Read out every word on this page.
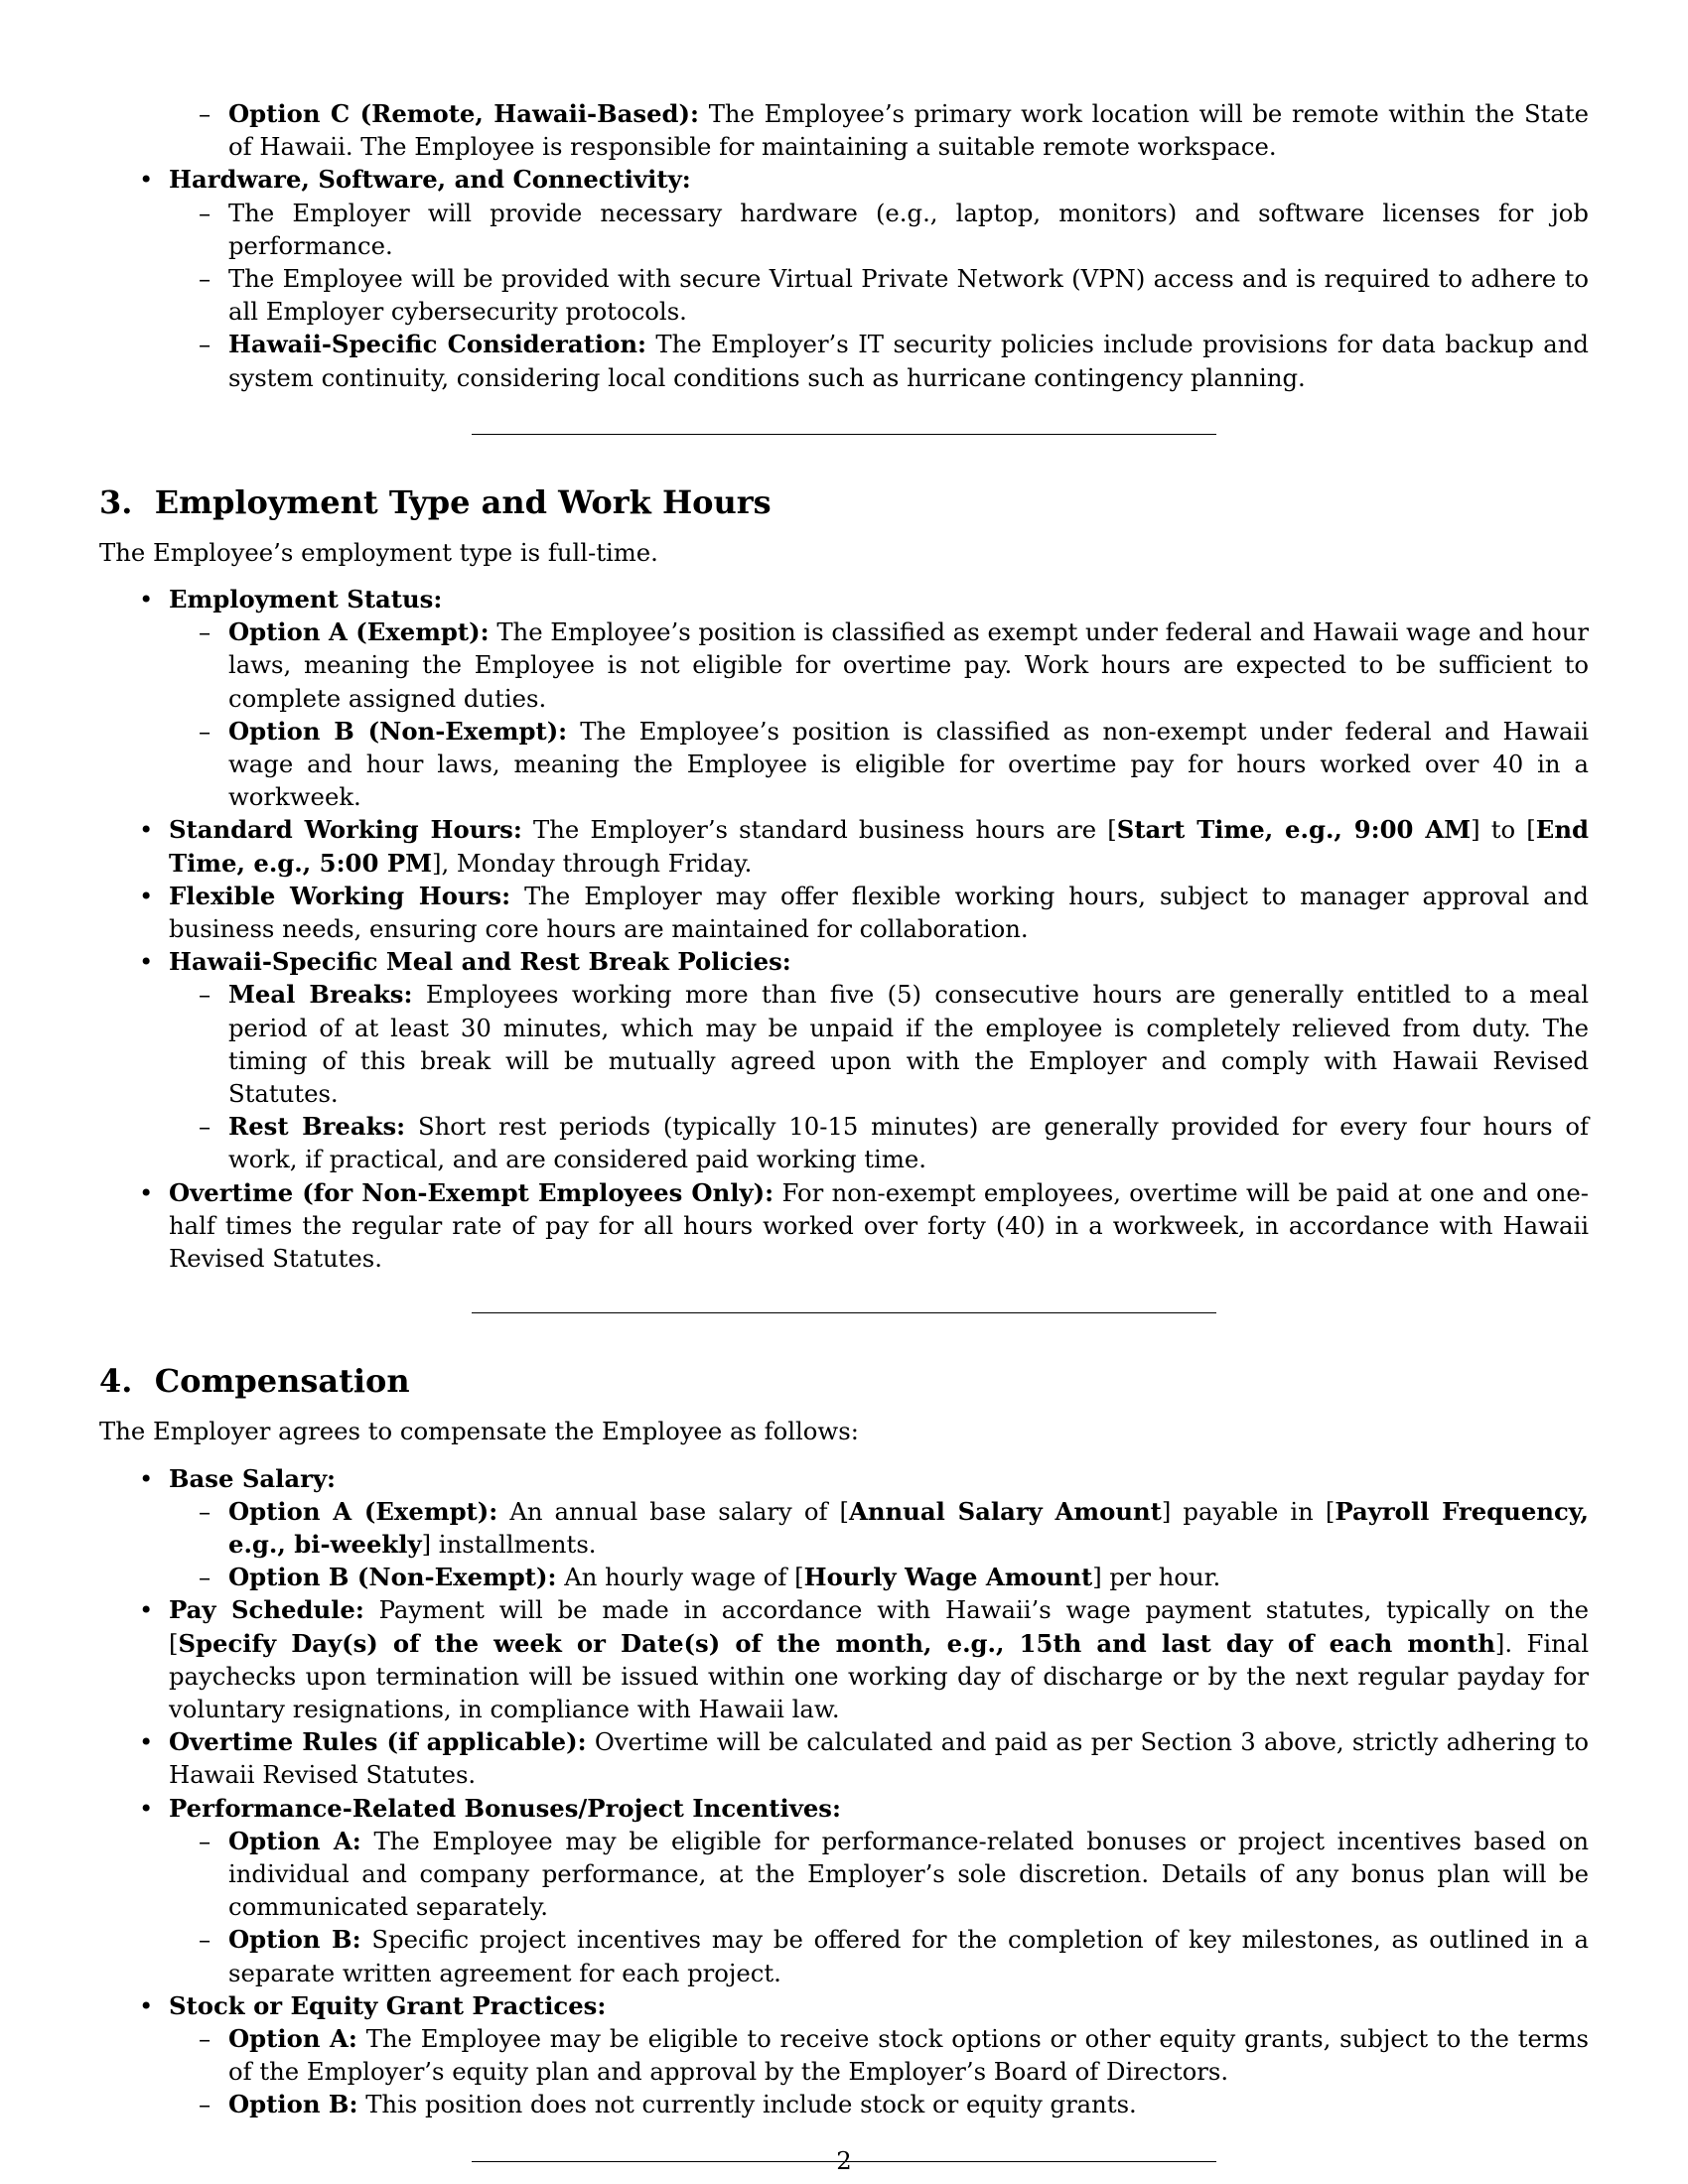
– Option C (Remote, Hawaii-Based): The Employee’s primary work location will be remote within the State of Hawaii. The Employee is responsible for maintaining a suitable remote workspace.
• Hardware, Software, and Connectivity:
– The Employer will provide necessary hardware (e.g., laptop, monitors) and software licenses for job performance.
– The Employee will be provided with secure Virtual Private Network (VPN) access and is required to adhere to all Employer cybersecurity protocols.
– Hawaii-Specific Consideration: The Employer’s IT security policies include provisions for data backup and system continuity, considering local conditions such as hurricane contingency planning.
3. Employment Type and Work Hours
The Employee’s employment type is full-time.
• Employment Status:
– Option A (Exempt): The Employee’s position is classified as exempt under federal and Hawaii wage and hour laws, meaning the Employee is not eligible for overtime pay. Work hours are expected to be sufficient to complete assigned duties.
– Option B (Non-Exempt): The Employee’s position is classified as non-exempt under federal and Hawaii wage and hour laws, meaning the Employee is eligible for overtime pay for hours worked over 40 in a workweek.
• Standard Working Hours: The Employer’s standard business hours are [Start Time, e.g., 9:00 AM] to [End Time, e.g., 5:00 PM], Monday through Friday.
• Flexible Working Hours: The Employer may offer flexible working hours, subject to manager approval and business needs, ensuring core hours are maintained for collaboration.
• Hawaii-Specific Meal and Rest Break Policies:
– Meal Breaks: Employees working more than five (5) consecutive hours are generally entitled to a meal period of at least 30 minutes, which may be unpaid if the employee is completely relieved from duty. The timing of this break will be mutually agreed upon with the Employer and comply with Hawaii Revised Statutes.
– Rest Breaks: Short rest periods (typically 10-15 minutes) are generally provided for every four hours of work, if practical, and are considered paid working time.
• Overtime (for Non-Exempt Employees Only): For non-exempt employees, overtime will be paid at one and one-half times the regular rate of pay for all hours worked over forty (40) in a workweek, in accordance with Hawaii Revised Statutes.
4. Compensation
The Employer agrees to compensate the Employee as follows:
• Base Salary:
– Option A (Exempt): An annual base salary of [Annual Salary Amount] payable in [Payroll Frequency, e.g., bi-weekly] installments.
– Option B (Non-Exempt): An hourly wage of [Hourly Wage Amount] per hour.
• Pay Schedule: Payment will be made in accordance with Hawaii’s wage payment statutes, typically on the [Specify Day(s) of the week or Date(s) of the month, e.g., 15th and last day of each month]. Final paychecks upon termination will be issued within one working day of discharge or by the next regular payday for voluntary resignations, in compliance with Hawaii law.
• Overtime Rules (if applicable): Overtime will be calculated and paid as per Section 3 above, strictly adhering to Hawaii Revised Statutes.
• Performance-Related Bonuses/Project Incentives:
– Option A: The Employee may be eligible for performance-related bonuses or project incentives based on individual and company performance, at the Employer’s sole discretion. Details of any bonus plan will be communicated separately.
– Option B: Specific project incentives may be offered for the completion of key milestones, as outlined in a separate written agreement for each project.
• Stock or Equity Grant Practices:
– Option A: The Employee may be eligible to receive stock options or other equity grants, subject to the terms of the Employer’s equity plan and approval by the Employer’s Board of Directors.
– Option B: This position does not currently include stock or equity grants.
2
